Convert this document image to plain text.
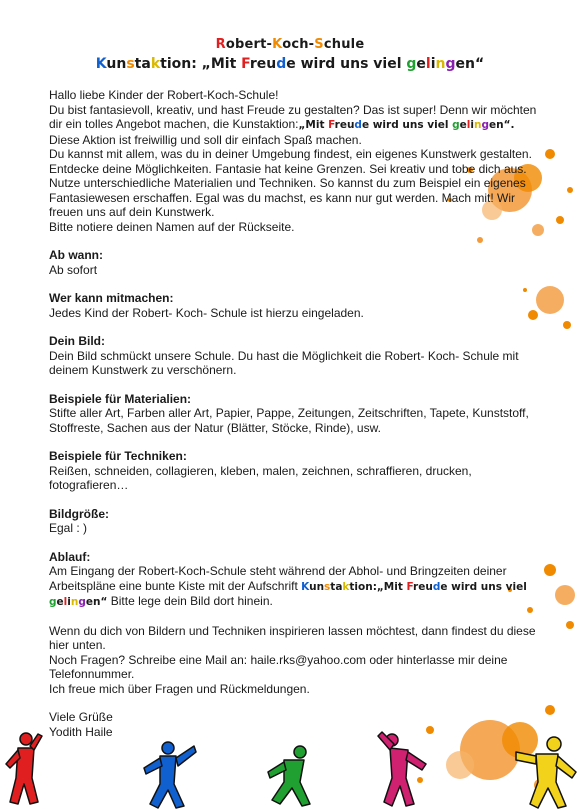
Robert-Koch-Schule
Kunstaktion: „Mit Freude wird uns viel gelingen“

Hallo liebe Kinder der Robert-Koch-Schule!

Du bist fantasievoll, kreativ, und hast Freude zu gestalten? Das ist super! Denn wir möchten dir ein tolles Angebot machen, die Kunstaktion:„Mit Freude wird uns viel gelingen“. Diese Aktion ist freiwillig und soll dir einfach Spaß machen.

Du kannst mit allem, was du in deiner Umgebung findest, ein eigenes Kunstwerk gestalten. Entdecke deine Möglichkeiten. Fantasie hat keine Grenzen. Sei kreativ und tobe dich aus. Nutze unterschiedliche Materialien und Techniken. So kannst du zum Beispiel ein eigenes Fantasiewesen erschaffen. Egal was du machst, es kann nur gut werden. Mach mit! Wir freuen uns auf dein Kunstwerk.

Bitte notiere deinen Namen auf der Rückseite.

Ab wann:

Ab sofort

Wer kann mitmachen:

Jedes Kind der Robert- Koch- Schule ist hierzu eingeladen.

Dein Bild:

Dein Bild schmückt unsere Schule. Du hast die Möglichkeit die Robert- Koch- Schule mit deinem Kunstwerk zu verschönern.

Beispiele für Materialien:

Stifte aller Art, Farben aller Art, Papier, Pappe, Zeitungen, Zeitschriften, Tapete, Kunststoff, Stoffreste, Sachen aus der Natur (Blätter, Stöcke, Rinde), usw.

Beispiele für Techniken:

Reißen, schneiden, collagieren, kleben, malen, zeichnen, schraffieren, drucken, fotografieren…

Bildgröße:

Egal : )

Ablauf:

Am Eingang der Robert-Koch-Schule steht während der Abhol- und Bringzeiten deiner Arbeitspläne eine bunte Kiste mit der Aufschrift Kunstaktion:„Mit Freude wird uns viel gelingen“ Bitte lege dein Bild dort hinein.

Wenn du dich von Bildern und Techniken inspirieren lassen möchtest, dann findest du diese hier unten.

Noch Fragen? Schreibe eine Mail an: haile.rks@yahoo.com oder hinterlasse mir deine Telefonnummer.

Ich freue mich über Fragen und Rückmeldungen.

Viele Grüße

Yodith Haile
